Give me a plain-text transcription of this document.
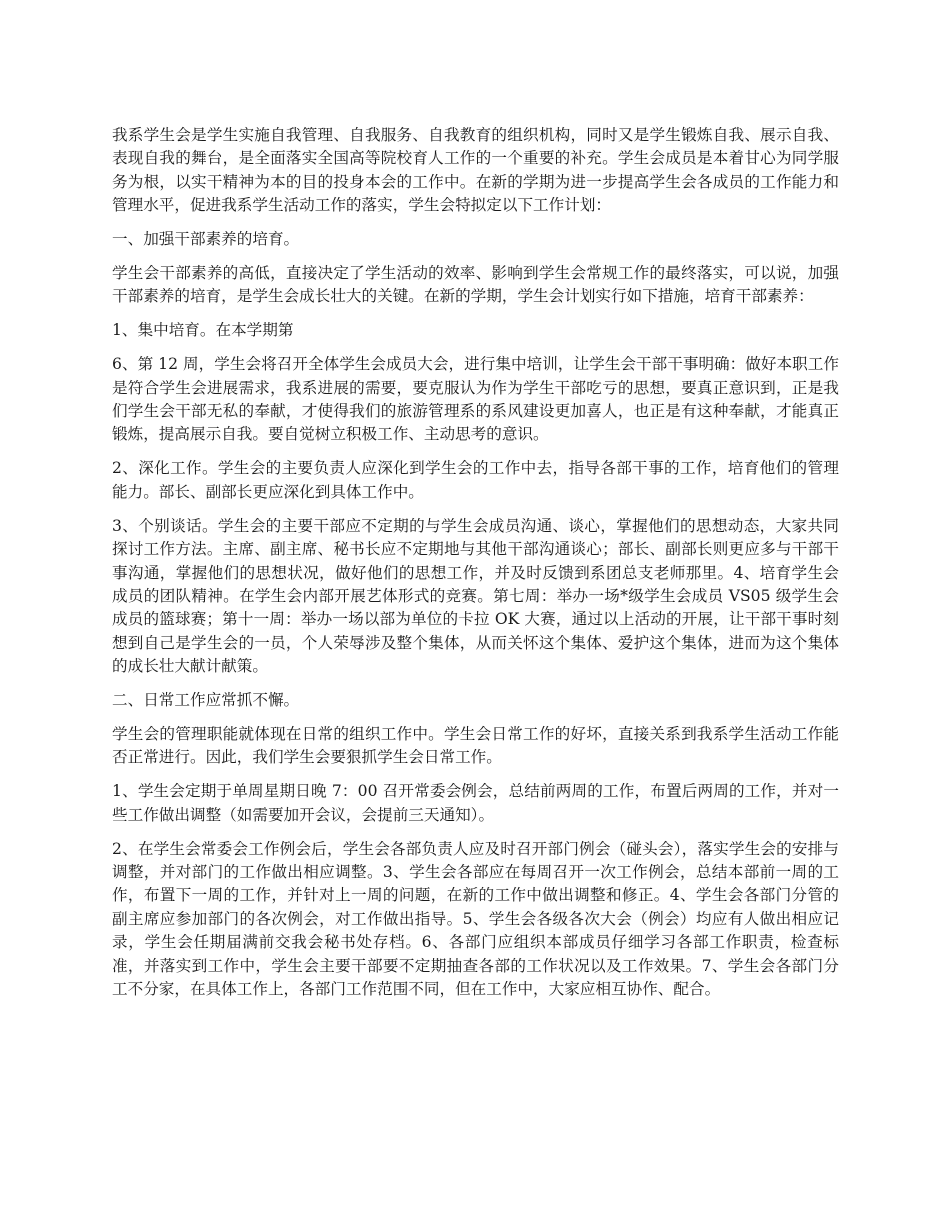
我系学生会是学生实施自我管理、自我服务、自我教育的组织机构，同时又是学生锻炼自我、展示自我、表现自我的舞台，是全面落实全国高等院校育人工作的一个重要的补充。学生会成员是本着甘心为同学服务为根，以实干精神为本的目的投身本会的工作中。在新的学期为进一步提高学生会各成员的工作能力和管理水平，促进我系学生活动工作的落实，学生会特拟定以下工作计划：

一、加强干部素养的培育。

学生会干部素养的高低，直接决定了学生活动的效率、影响到学生会常规工作的最终落实，可以说，加强干部素养的培育，是学生会成长壮大的关键。在新的学期，学生会计划实行如下措施，培育干部素养：

1、集中培育。在本学期第

6、第 12 周，学生会将召开全体学生会成员大会，进行集中培训，让学生会干部干事明确：做好本职工作是符合学生会进展需求，我系进展的需要，要克服认为作为学生干部吃亏的思想，要真正意识到，正是我们学生会干部无私的奉献，才使得我们的旅游管理系的系风建设更加喜人，也正是有这种奉献，才能真正锻炼，提高展示自我。要自觉树立积极工作、主动思考的意识。

2、深化工作。学生会的主要负责人应深化到学生会的工作中去，指导各部干事的工作，培育他们的管理能力。部长、副部长更应深化到具体工作中。

3、个别谈话。学生会的主要干部应不定期的与学生会成员沟通、谈心，掌握他们的思想动态，大家共同探讨工作方法。主席、副主席、秘书长应不定期地与其他干部沟通谈心；部长、副部长则更应多与干部干事沟通，掌握他们的思想状况，做好他们的思想工作，并及时反馈到系团总支老师那里。4、培育学生会成员的团队精神。在学生会内部开展艺体形式的竞赛。第七周：举办一场*级学生会成员 VS05 级学生会成员的篮球赛；第十一周：举办一场以部为单位的卡拉 OK 大赛，通过以上活动的开展，让干部干事时刻想到自己是学生会的一员，个人荣辱涉及整个集体，从而关怀这个集体、爱护这个集体，进而为这个集体的成长壮大献计献策。

二、日常工作应常抓不懈。

学生会的管理职能就体现在日常的组织工作中。学生会日常工作的好坏，直接关系到我系学生活动工作能否正常进行。因此，我们学生会要狠抓学生会日常工作。

1、学生会定期于单周星期日晚 7：00 召开常委会例会，总结前两周的工作，布置后两周的工作，并对一些工作做出调整（如需要加开会议，会提前三天通知）。

2、在学生会常委会工作例会后，学生会各部负责人应及时召开部门例会（碰头会），落实学生会的安排与调整，并对部门的工作做出相应调整。3、学生会各部应在每周召开一次工作例会，总结本部前一周的工作，布置下一周的工作，并针对上一周的问题，在新的工作中做出调整和修正。4、学生会各部门分管的副主席应参加部门的各次例会，对工作做出指导。5、学生会各级各次大会（例会）均应有人做出相应记录，学生会任期届满前交我会秘书处存档。6、各部门应组织本部成员仔细学习各部工作职责，检查标准，并落实到工作中，学生会主要干部要不定期抽查各部的工作状况以及工作效果。7、学生会各部门分工不分家，在具体工作上，各部门工作范围不同，但在工作中，大家应相互协作、配合。
